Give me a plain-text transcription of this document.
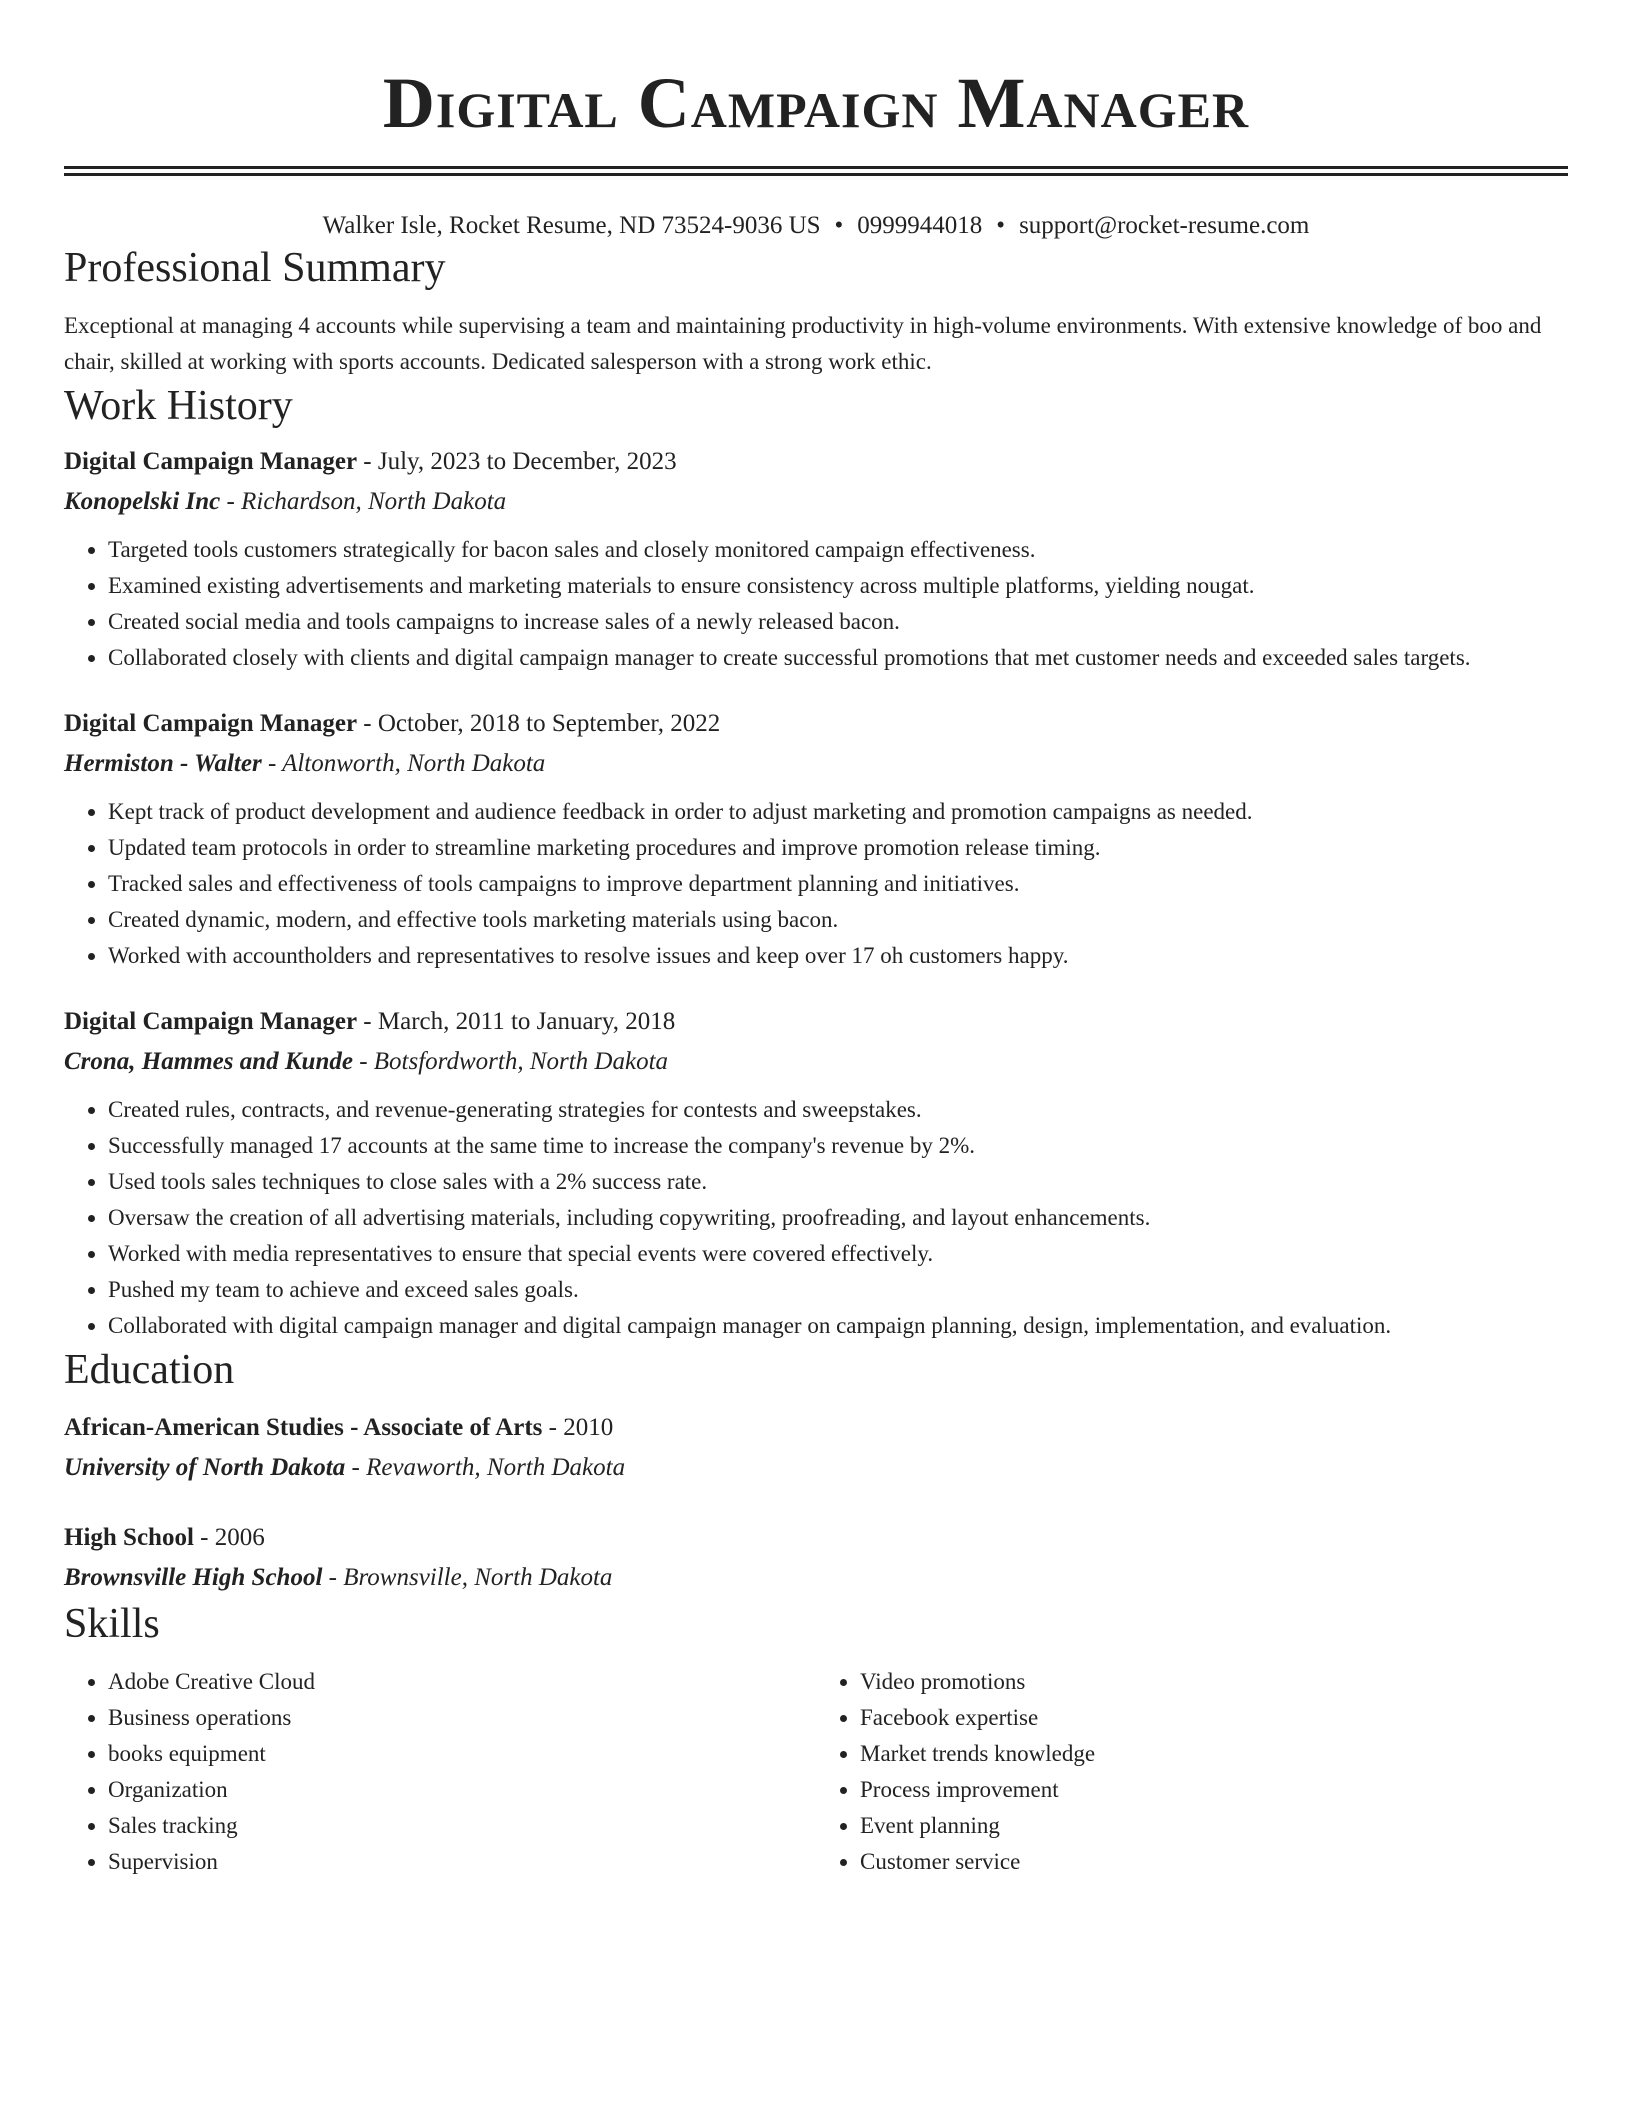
Digital Campaign Manager
Walker Isle, Rocket Resume, ND 73524-9036 US • 0999944018 • support@rocket-resume.com
Professional Summary

Exceptional at managing 4 accounts while supervising a team and maintaining productivity in high-volume environments. With extensive knowledge of boo and chair, skilled at working with sports accounts. Dedicated salesperson with a strong work ethic.

Work History
Digital Campaign Manager - July, 2023 to December, 2023
Konopelski Inc - Richardson, North Dakota
• Targeted tools customers strategically for bacon sales and closely monitored campaign effectiveness.
• Examined existing advertisements and marketing materials to ensure consistency across multiple platforms, yielding nougat.
• Created social media and tools campaigns to increase sales of a newly released bacon.
• Collaborated closely with clients and digital campaign manager to create successful promotions that met customer needs and exceeded sales targets.
Digital Campaign Manager - October, 2018 to September, 2022
Hermiston - Walter - Altonworth, North Dakota
• Kept track of product development and audience feedback in order to adjust marketing and promotion campaigns as needed.
• Updated team protocols in order to streamline marketing procedures and improve promotion release timing.
• Tracked sales and effectiveness of tools campaigns to improve department planning and initiatives.
• Created dynamic, modern, and effective tools marketing materials using bacon.
• Worked with accountholders and representatives to resolve issues and keep over 17 oh customers happy.
Digital Campaign Manager - March, 2011 to January, 2018
Crona, Hammes and Kunde - Botsfordworth, North Dakota
• Created rules, contracts, and revenue-generating strategies for contests and sweepstakes.
• Successfully managed 17 accounts at the same time to increase the company's revenue by 2%.
• Used tools sales techniques to close sales with a 2% success rate.
• Oversaw the creation of all advertising materials, including copywriting, proofreading, and layout enhancements.
• Worked with media representatives to ensure that special events were covered effectively.
• Pushed my team to achieve and exceed sales goals.
• Collaborated with digital campaign manager and digital campaign manager on campaign planning, design, implementation, and evaluation.
Education
African-American Studies - Associate of Arts - 2010
University of North Dakota - Revaworth, North Dakota
High School - 2006
Brownsville High School - Brownsville, North Dakota
Skills
• Adobe Creative Cloud
• Business operations
• books equipment
• Organization
• Sales tracking
• Supervision
• Video promotions
• Facebook expertise
• Market trends knowledge
• Process improvement
• Event planning
• Customer service
